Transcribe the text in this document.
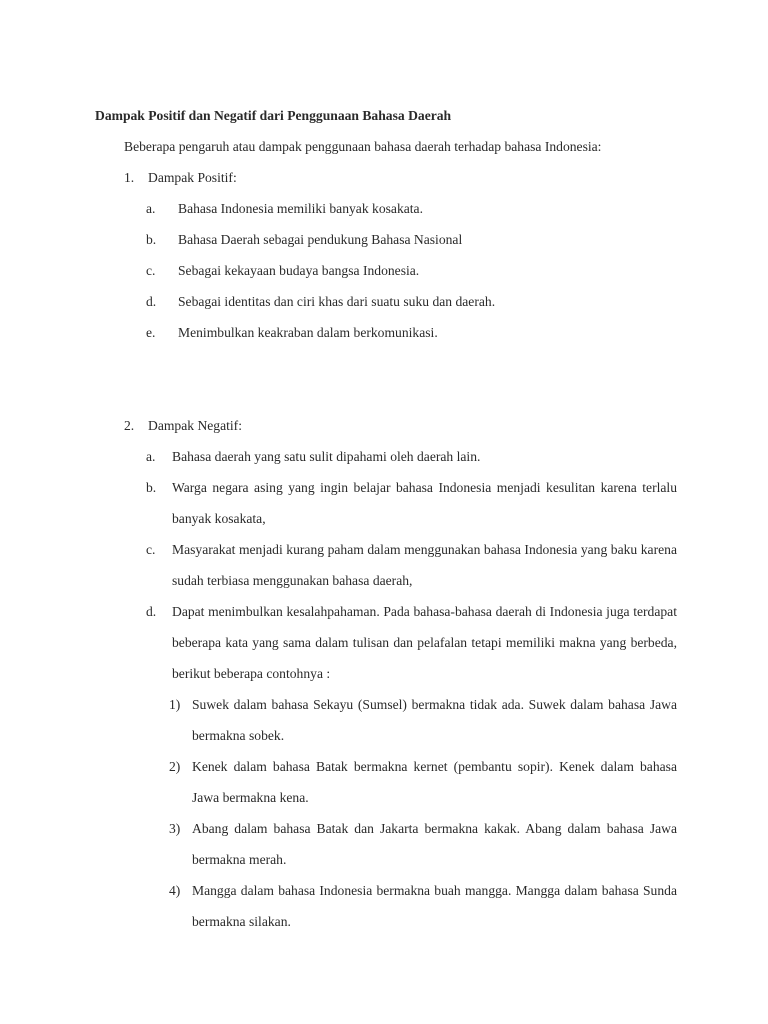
Dampak Positif dan Negatif dari Penggunaan Bahasa Daerah
Beberapa pengaruh atau dampak penggunaan bahasa daerah terhadap bahasa Indonesia:
1. Dampak Positif:
a. Bahasa Indonesia memiliki banyak kosakata.
b. Bahasa Daerah sebagai pendukung Bahasa Nasional
c. Sebagai kekayaan budaya bangsa Indonesia.
d. Sebagai identitas dan ciri khas dari suatu suku dan daerah.
e. Menimbulkan keakraban dalam berkomunikasi.
2. Dampak Negatif:
a. Bahasa daerah yang satu sulit dipahami oleh daerah lain.
b. Warga negara asing yang ingin belajar bahasa Indonesia menjadi kesulitan karena terlalu banyak kosakata,
c. Masyarakat menjadi kurang paham dalam menggunakan bahasa Indonesia yang baku karena sudah terbiasa menggunakan bahasa daerah,
d. Dapat menimbulkan kesalahpahaman. Pada bahasa-bahasa daerah di Indonesia juga terdapat beberapa kata yang sama dalam tulisan dan pelafalan tetapi memiliki makna yang berbeda, berikut beberapa contohnya :
1) Suwek dalam bahasa Sekayu (Sumsel) bermakna tidak ada. Suwek dalam bahasa Jawa bermakna sobek.
2) Kenek dalam bahasa Batak bermakna kernet (pembantu sopir). Kenek dalam bahasa Jawa bermakna kena.
3) Abang dalam bahasa Batak dan Jakarta bermakna kakak. Abang dalam bahasa Jawa bermakna merah.
4) Mangga dalam bahasa Indonesia bermakna buah mangga. Mangga dalam bahasa Sunda bermakna silakan.
